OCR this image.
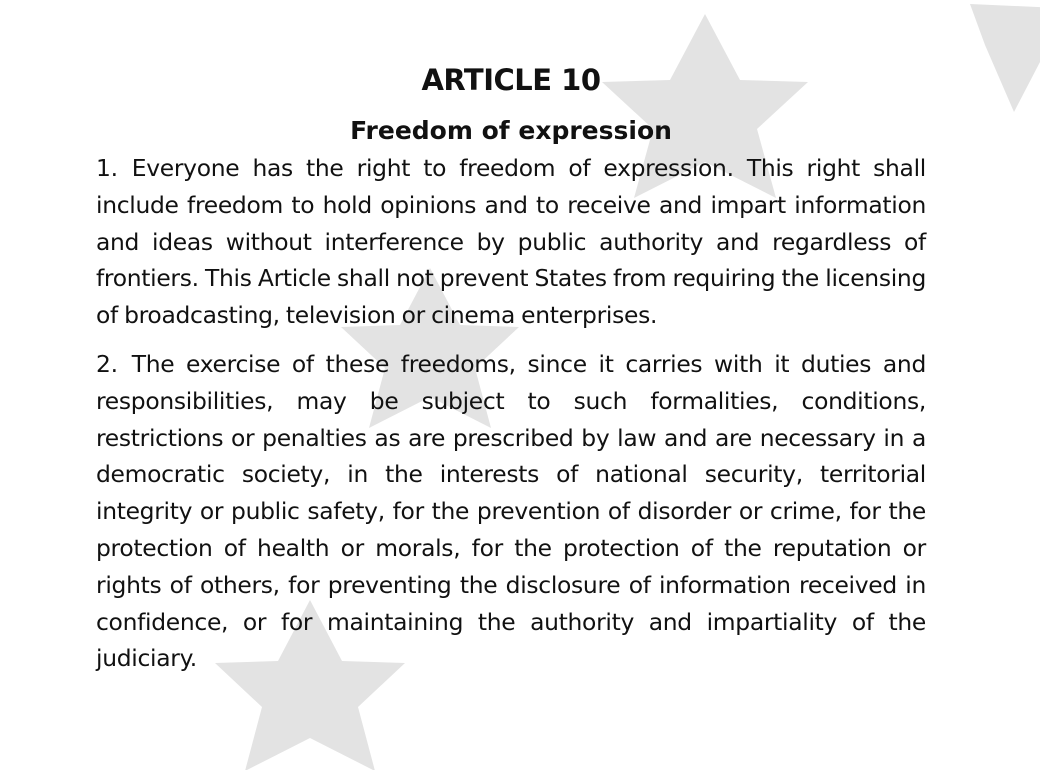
ARTICLE 10
Freedom of expression

1. Everyone has the right to freedom of expression. This right shall include freedom to hold opinions and to receive and impart information and ideas without interference by public authority and regardless of frontiers. This Article shall not prevent States from requiring the licensing of broadcasting, television or cinema enterprises.

2. The exercise of these freedoms, since it carries with it duties and responsibilities, may be subject to such formalities, conditions, restrictions or penalties as are prescribed by law and are necessary in a democratic society, in the interests of national security, territorial integrity or public safety, for the prevention of disorder or crime, for the protection of health or morals, for the protection of the reputation or rights of others, for preventing the disclosure of information received in confidence, or for maintaining the authority and impartiality of the judiciary.
